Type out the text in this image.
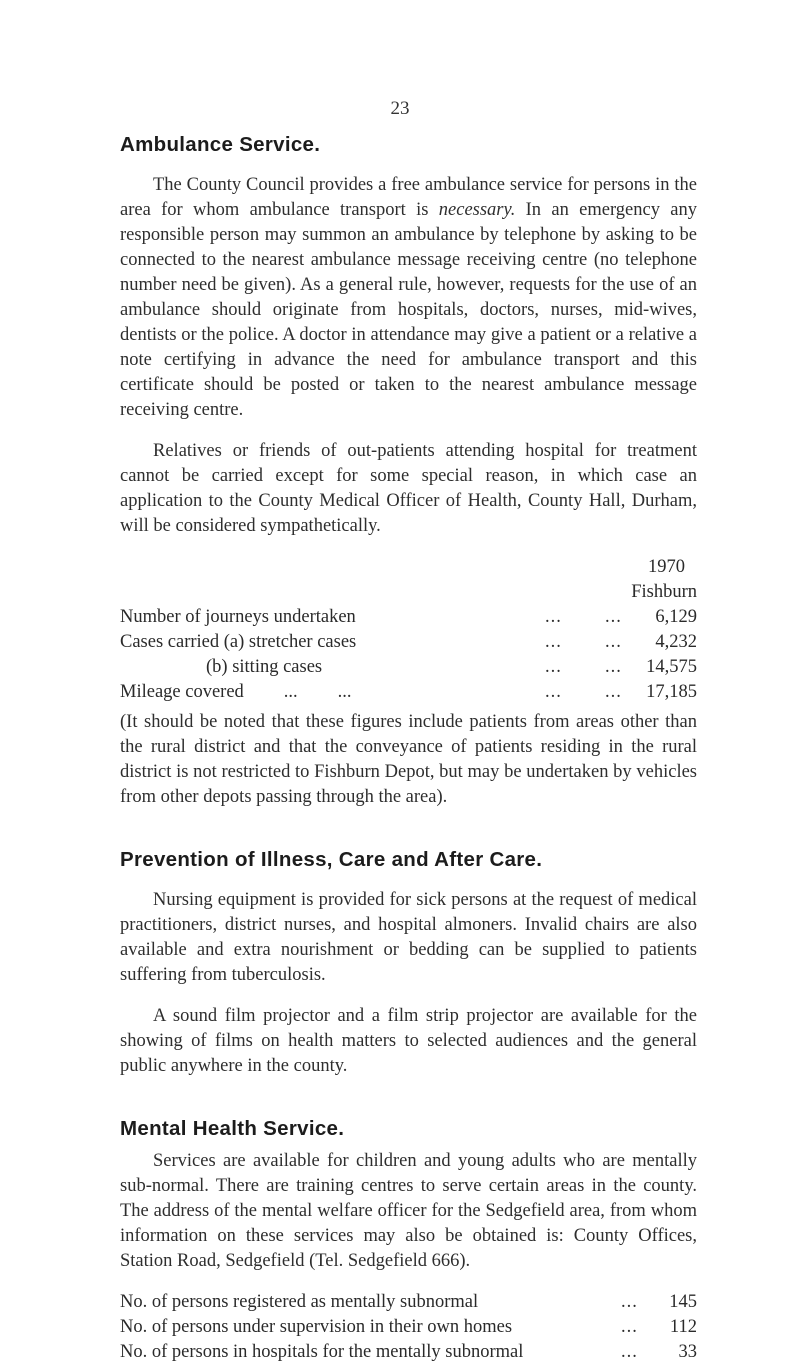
23
Ambulance Service.

The County Council provides a free ambulance service for persons in the area for whom ambulance transport is necessary. In an emergency any responsible person may summon an ambulance by telephone by asking to be connected to the nearest ambulance message receiving centre (no telephone number need be given). As a general rule, however, requests for the use of an ambulance should originate from hospitals, doctors, nurses, mid-wives, dentists or the police. A doctor in attendance may give a patient or a relative a note certifying in advance the need for ambulance transport and this certificate should be posted or taken to the nearest ambulance message receiving centre.

Relatives or friends of out-patients attending hospital for treatment cannot be carried except for some special reason, in which case an application to the County Medical Officer of Health, County Hall, Durham, will be considered sympathetically.

1970
Fishburn
Number of journeys undertaken	...	...	6,129
Cases carried (a) stretcher cases	...	...	4,232
(b) sitting cases	...	...	14,575
Mileage covered ... ...	...	...	17,185

(It should be noted that these figures include patients from areas other than the rural district and that the conveyance of patients residing in the rural district is not restricted to Fishburn Depot, but may be undertaken by vehicles from other depots passing through the area).

Prevention of Illness, Care and After Care.

Nursing equipment is provided for sick persons at the request of medical practitioners, district nurses, and hospital almoners. Invalid chairs are also available and extra nourishment or bedding can be supplied to patients suffering from tuberculosis.

A sound film projector and a film strip projector are available for the showing of films on health matters to selected audiences and the general public anywhere in the county.

Mental Health Service.

Services are available for children and young adults who are mentally sub-normal. There are training centres to serve certain areas in the county. The address of the mental welfare officer for the Sedgefield area, from whom information on these services may also be obtained is: County Offices, Station Road, Sedgefield (Tel. Sedgefield 666).

No. of persons registered as mentally subnormal	...	145
No. of persons under supervision in their own homes	...	112
No. of persons in hospitals for the mentally subnormal	...	33
